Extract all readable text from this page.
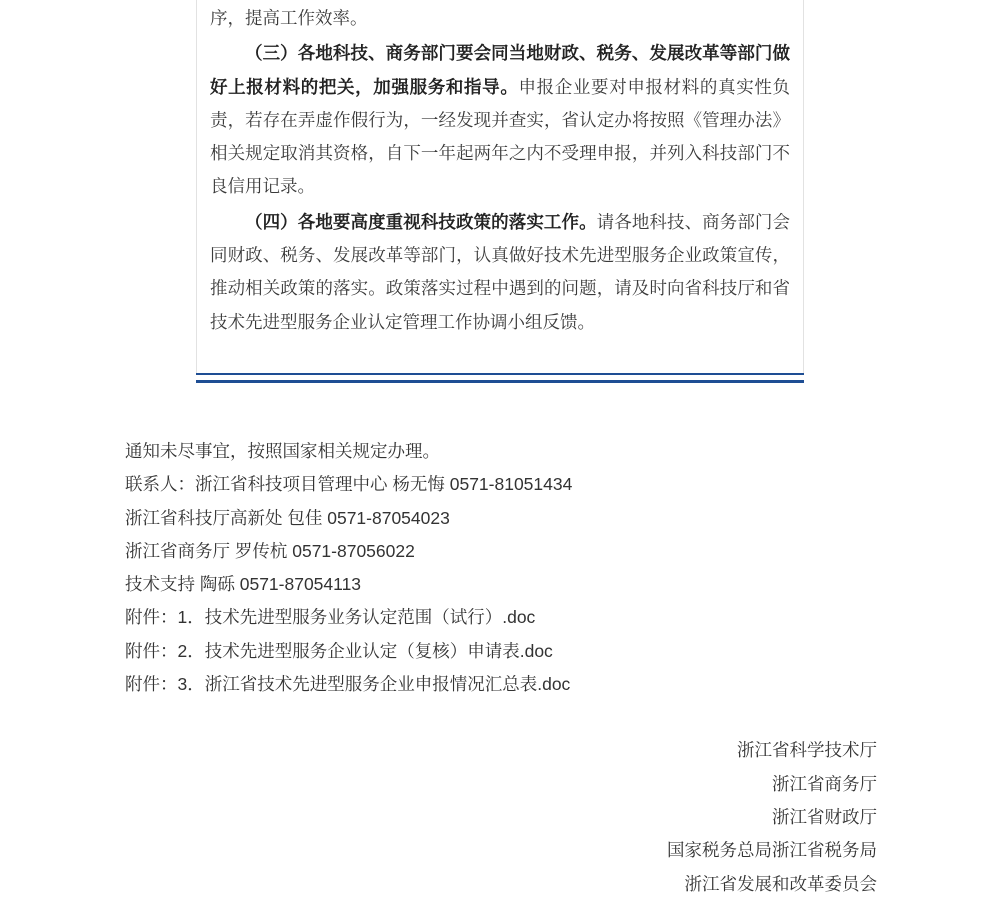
序，提高工作效率。

（三）各地科技、商务部门要会同当地财政、税务、发展改革等部门做好上报材料的把关，加强服务和指导。申报企业要对申报材料的真实性负责，若存在弄虚作假行为，一经发现并查实，省认定办将按照《管理办法》相关规定取消其资格，自下一年起两年之内不受理申报，并列入科技部门不良信用记录。

（四）各地要高度重视科技政策的落实工作。请各地科技、商务部门会同财政、税务、发展改革等部门，认真做好技术先进型服务企业政策宣传，推动相关政策的落实。政策落实过程中遇到的问题，请及时向省科技厅和省技术先进型服务企业认定管理工作协调小组反馈。

通知未尽事宜，按照国家相关规定办理。

联系人：浙江省科技项目管理中心 杨无悔 0571-81051434

浙江省科技厅高新处 包佳 0571-87054023

浙江省商务厅 罗传杭 0571-87056022

技术支持 陶砾 0571-87054113

附件：1．技术先进型服务业务认定范围（试行）.doc

附件：2．技术先进型服务企业认定（复核）申请表.doc

附件：3．浙江省技术先进型服务企业申报情况汇总表.doc

浙江省科学技术厅

浙江省商务厅

浙江省财政厅

国家税务总局浙江省税务局

浙江省发展和改革委员会
